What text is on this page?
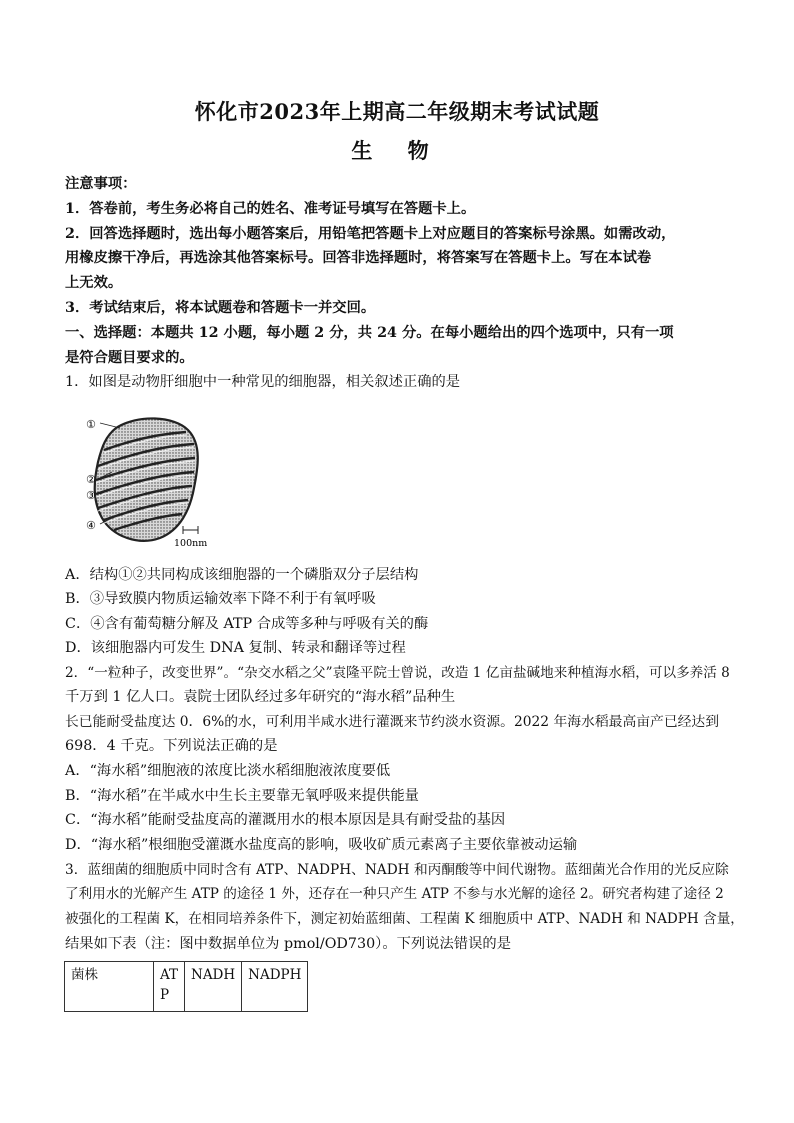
怀化市2023年上期高二年级期末考试试题
生 物
注意事项：
1．答卷前，考生务必将自己的姓名、准考证号填写在答题卡上。
2．回答选择题时，选出每小题答案后，用铅笔把答题卡上对应题目的答案标号涂黑。如需改动，
用橡皮擦干净后，再选涂其他答案标号。回答非选择题时，将答案写在答题卡上。写在本试卷
上无效。
3．考试结束后，将本试题卷和答题卡一并交回。
一、选择题：本题共 12 小题，每小题 2 分，共 24 分。在每小题给出的四个选项中，只有一项
是符合题目要求的。
1．如图是动物肝细胞中一种常见的细胞器，相关叙述正确的是
①
②
③
④
100nm
A．结构①②共同构成该细胞器的一个磷脂双分子层结构
B．③导致膜内物质运输效率下降不利于有氧呼吸
C．④含有葡萄糖分解及 ATP 合成等多种与呼吸有关的酶
D．该细胞器内可发生 DNA 复制、转录和翻译等过程
2．“一粒种子，改变世界”。“杂交水稻之父”袁隆平院士曾说，改造 1 亿亩盐碱地来种植海水稻，可以多养活 8
千万到 1 亿人口。袁院士团队经过多年研究的“海水稻”品种生
长已能耐受盐度达 0．6%的水，可利用半咸水进行灌溉来节约淡水资源。2022 年海水稻最高亩产已经达到
698．4 千克。下列说法正确的是
A．“海水稻”细胞液的浓度比淡水稻细胞液浓度要低
B．“海水稻”在半咸水中生长主要靠无氧呼吸来提供能量
C．“海水稻”能耐受盐度高的灌溉用水的根本原因是具有耐受盐的基因
D．“海水稻”根细胞受灌溉水盐度高的影响，吸收矿质元素离子主要依靠被动运输
3．蓝细菌的细胞质中同时含有 ATP、NADPH、NADH 和丙酮酸等中间代谢物。蓝细菌光合作用的光反应除
了利用水的光解产生 ATP 的途径 1 外，还存在一种只产生 ATP 不参与水光解的途径 2。研究者构建了途径 2
被强化的工程菌 K，在相同培养条件下，测定初始蓝细菌、工程菌 K 细胞质中 ATP、NADH 和 NADPH 含量，
结果如下表（注：图中数据单位为 pmol/OD730）。下列说法错误的是
菌株	ATP	NADH	NADPH
